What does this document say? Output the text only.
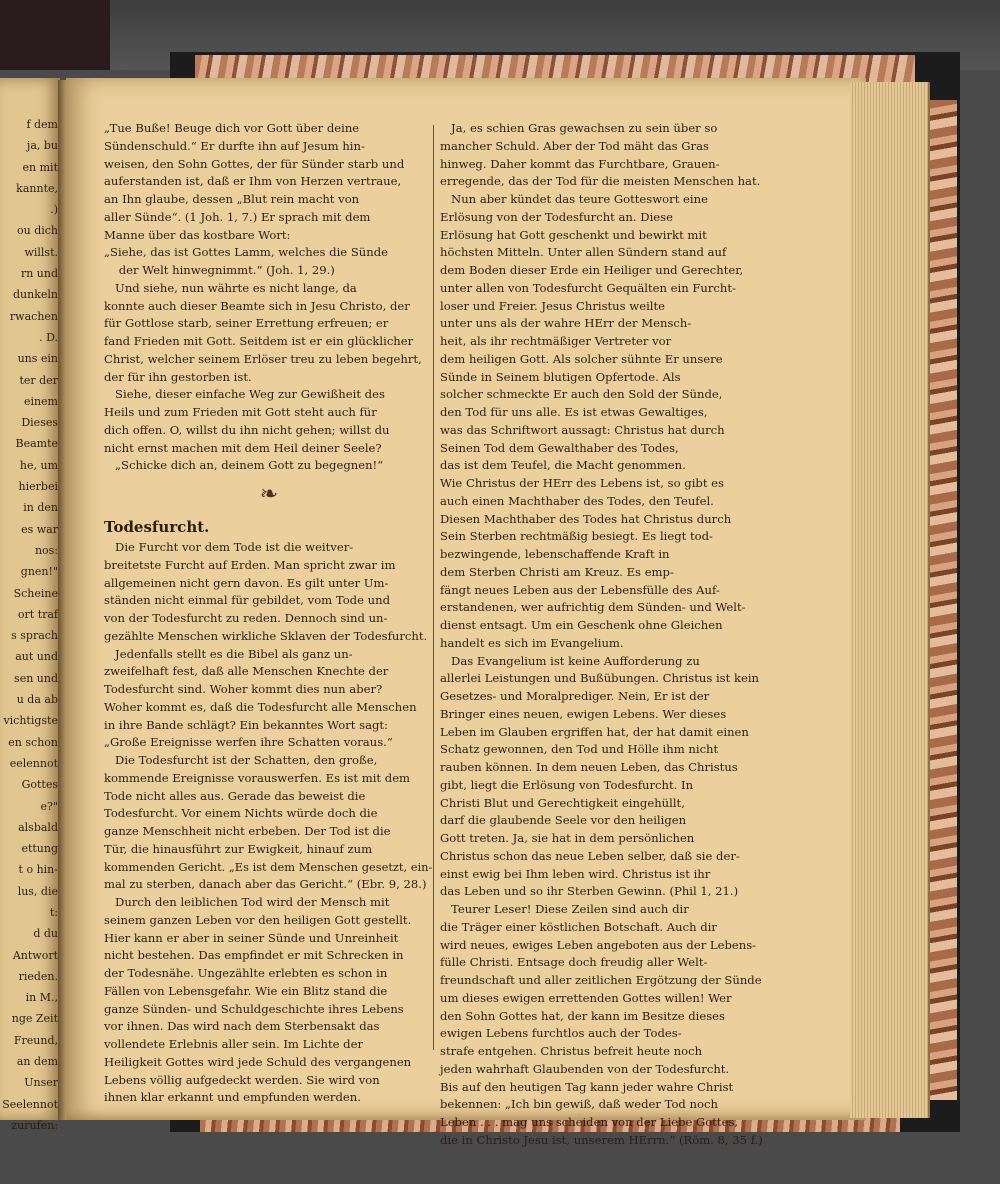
f dem

ja, bu

en mit

kannte,

.)

ou dich

willst.

rn und

dunkeln

rwachen

. D.

uns ein

ter der

einem

Dieses

Beamte

he, um

hierbei

in den

es war

nos:

gnen!"

Scheine

ort traf

s sprach

aut und

sen und

u da ab

vichtigste

en schon

eelennot

Gottes

e?"

alsbald

ettung

t o hin-

lus, die

t:

d du

Antwort

rieden.

in M.,

nge Zeit

Freund,

an dem

Unser

Seelennot

zurufen:

„Tue Buße! Beuge dich vor Gott über deine

Sündenschuld.“ Er durfte ihn auf Jesum hin-

weisen, den Sohn Gottes, der für Sünder starb und

auferstanden ist, daß er Ihm von Herzen vertraue,

an Ihn glaube, dessen „Blut rein macht von

aller Sünde“. (1 Joh. 1, 7.) Er sprach mit dem

Manne über das kostbare Wort:

„Siehe, das ist Gottes Lamm, welches die Sünde

der Welt hinwegnimmt.“ (Joh. 1, 29.)

Und siehe, nun währte es nicht lange, da

konnte auch dieser Beamte sich in Jesu Christo, der

für Gottlose starb, seiner Errettung erfreuen; er

fand Frieden mit Gott. Seitdem ist er ein glücklicher

Christ, welcher seinem Erlöser treu zu leben begehrt,

der für ihn gestorben ist.

Siehe, dieser einfache Weg zur Gewißheit des

Heils und zum Frieden mit Gott steht auch für

dich offen. O, willst du ihn nicht gehen; willst du

nicht ernst machen mit dem Heil deiner Seele?

„Schicke dich an, deinem Gott zu begegnen!“

❧

Todesfurcht.

Die Furcht vor dem Tode ist die weitver-

breitetste Furcht auf Erden. Man spricht zwar im

allgemeinen nicht gern davon. Es gilt unter Um-

ständen nicht einmal für gebildet, vom Tode und

von der Todesfurcht zu reden. Dennoch sind un-

gezählte Menschen wirkliche Sklaven der Todesfurcht.

Jedenfalls stellt es die Bibel als ganz un-

zweifelhaft fest, daß alle Menschen Knechte der

Todesfurcht sind. Woher kommt dies nun aber?

Woher kommt es, daß die Todesfurcht alle Menschen

in ihre Bande schlägt? Ein bekanntes Wort sagt:

„Große Ereignisse werfen ihre Schatten voraus.“

Die Todesfurcht ist der Schatten, den große,

kommende Ereignisse vorauswerfen. Es ist mit dem

Tode nicht alles aus. Gerade das beweist die

Todesfurcht. Vor einem Nichts würde doch die

ganze Menschheit nicht erbeben. Der Tod ist die

Tür, die hinausführt zur Ewigkeit, hinauf zum

kommenden Gericht. „Es ist dem Menschen gesetzt, ein-

mal zu sterben, danach aber das Gericht.“ (Ebr. 9, 28.)

Durch den leiblichen Tod wird der Mensch mit

seinem ganzen Leben vor den heiligen Gott gestellt.

Hier kann er aber in seiner Sünde und Unreinheit

nicht bestehen. Das empfindet er mit Schrecken in

der Todesnähe. Ungezählte erlebten es schon in

Fällen von Lebensgefahr. Wie ein Blitz stand die

ganze Sünden- und Schuldgeschichte ihres Lebens

vor ihnen. Das wird nach dem Sterbensakt das

vollendete Erlebnis aller sein. Im Lichte der

Heiligkeit Gottes wird jede Schuld des vergangenen

Lebens völlig aufgedeckt werden. Sie wird von

ihnen klar erkannt und empfunden werden.

Ja, es schien Gras gewachsen zu sein über so

mancher Schuld. Aber der Tod mäht das Gras

hinweg. Daher kommt das Furchtbare, Grauen-

erregende, das der Tod für die meisten Menschen hat.

Nun aber kündet das teure Gotteswort eine

Erlösung von der Todesfurcht an. Diese

Erlösung hat Gott geschenkt und bewirkt mit

höchsten Mitteln. Unter allen Sündern stand auf

dem Boden dieser Erde ein Heiliger und Gerechter,

unter allen von Todesfurcht Gequälten ein Furcht-

loser und Freier. Jesus Christus weilte

unter uns als der wahre HErr der Mensch-

heit, als ihr rechtmäßiger Vertreter vor

dem heiligen Gott. Als solcher sühnte Er unsere

Sünde in Seinem blutigen Opfertode. Als

solcher schmeckte Er auch den Sold der Sünde,

den Tod für uns alle. Es ist etwas Gewaltiges,

was das Schriftwort aussagt: Christus hat durch

Seinen Tod dem Gewalthaber des Todes,

das ist dem Teufel, die Macht genommen.

Wie Christus der HErr des Lebens ist, so gibt es

auch einen Machthaber des Todes, den Teufel.

Diesen Machthaber des Todes hat Christus durch

Sein Sterben rechtmäßig besiegt. Es liegt tod-

bezwingende, lebenschaffende Kraft in

dem Sterben Christi am Kreuz. Es emp-

fängt neues Leben aus der Lebensfülle des Auf-

erstandenen, wer aufrichtig dem Sünden- und Welt-

dienst entsagt. Um ein Geschenk ohne Gleichen

handelt es sich im Evangelium.

Das Evangelium ist keine Aufforderung zu

allerlei Leistungen und Bußübungen. Christus ist kein

Gesetzes- und Moralprediger. Nein, Er ist der

Bringer eines neuen, ewigen Lebens. Wer dieses

Leben im Glauben ergriffen hat, der hat damit einen

Schatz gewonnen, den Tod und Hölle ihm nicht

rauben können. In dem neuen Leben, das Christus

gibt, liegt die Erlösung von Todesfurcht. In

Christi Blut und Gerechtigkeit eingehüllt,

darf die glaubende Seele vor den heiligen

Gott treten. Ja, sie hat in dem persönlichen

Christus schon das neue Leben selber, daß sie der-

einst ewig bei Ihm leben wird. Christus ist ihr

das Leben und so ihr Sterben Gewinn. (Phil 1, 21.)

Teurer Leser! Diese Zeilen sind auch dir

die Träger einer köstlichen Botschaft. Auch dir

wird neues, ewiges Leben angeboten aus der Lebens-

fülle Christi. Entsage doch freudig aller Welt-

freundschaft und aller zeitlichen Ergötzung der Sünde

um dieses ewigen errettenden Gottes willen! Wer

den Sohn Gottes hat, der kann im Besitze dieses

ewigen Lebens furchtlos auch der Todes-

strafe entgehen. Christus befreit heute noch

jeden wahrhaft Glaubenden von der Todesfurcht.

Bis auf den heutigen Tag kann jeder wahre Christ

bekennen: „Ich bin gewiß, daß weder Tod noch

Leben . . . mag uns scheiden von der Liebe Gottes,

die in Christo Jesu ist, unserem HErrn.“ (Röm. 8, 35 f.)
